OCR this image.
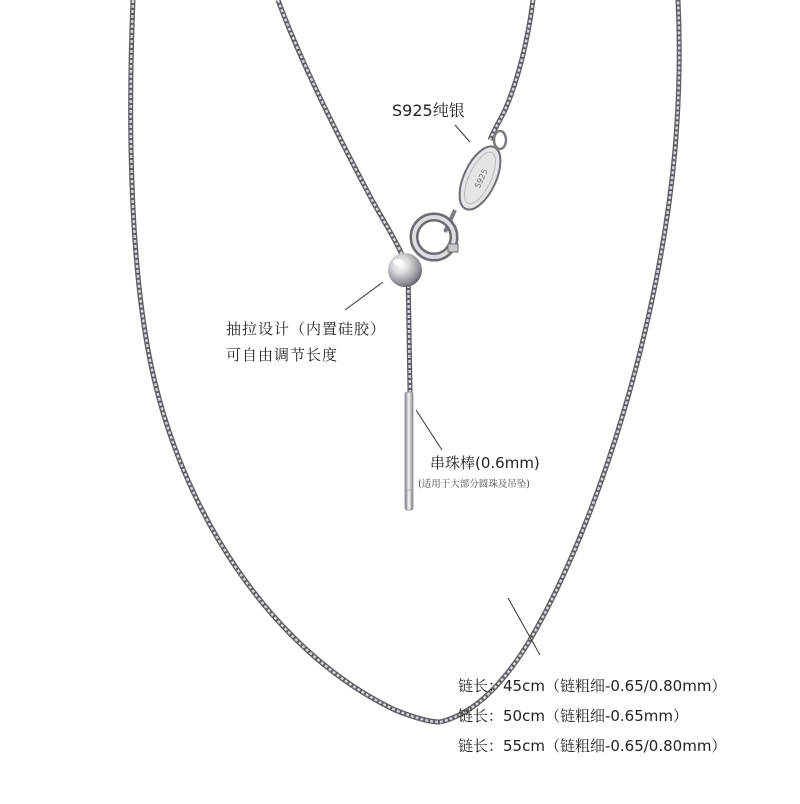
S925
S925纯银
抽拉设计（内置硅胶）
可自由调节长度
串珠棒(0.6mm)
(适用于大部分圆珠及吊坠)
链长：45cm（链粗细-0.65/0.80mm）
链长：50cm（链粗细-0.65mm）
链长：55cm（链粗细-0.65/0.80mm）
